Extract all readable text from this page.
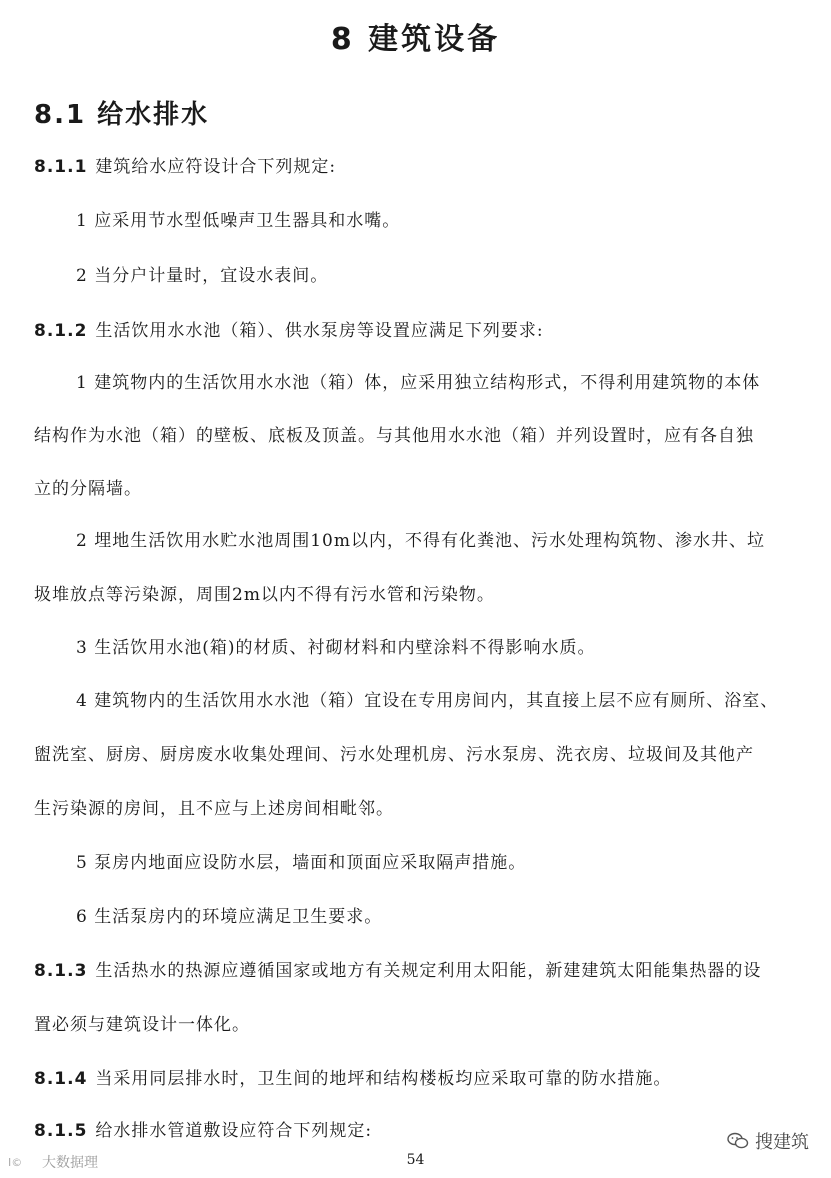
8 建筑设备
8.1 给水排水
8.1.1 建筑给水应符设计合下列规定:
1 应采用节水型低噪声卫生器具和水嘴。
2 当分户计量时，宜设水表间。
8.1.2 生活饮用水水池（箱）、供水泵房等设置应满足下列要求:
1 建筑物内的生活饮用水水池（箱）体，应采用独立结构形式，不得利用建筑物的本体
结构作为水池（箱）的壁板、底板及顶盖。与其他用水水池（箱）并列设置时，应有各自独
立的分隔墙。
2 埋地生活饮用水贮水池周围10m以内，不得有化粪池、污水处理构筑物、渗水井、垃
圾堆放点等污染源，周围2m以内不得有污水管和污染物。
3 生活饮用水池(箱)的材质、衬砌材料和内壁涂料不得影响水质。
4 建筑物内的生活饮用水水池（箱）宜设在专用房间内，其直接上层不应有厕所、浴室、
盥洗室、厨房、厨房废水收集处理间、污水处理机房、污水泵房、洗衣房、垃圾间及其他产
生污染源的房间，且不应与上述房间相毗邻。
5 泵房内地面应设防水层，墙面和顶面应采取隔声措施。
6 生活泵房内的环境应满足卫生要求。
8.1.3 生活热水的热源应遵循国家或地方有关规定利用太阳能，新建建筑太阳能集热器的设
置必须与建筑设计一体化。
8.1.4 当采用同层排水时，卫生间的地坪和结构楼板均应采取可靠的防水措施。
8.1.5 给水排水管道敷设应符合下列规定:
54
搜建筑
I© 大数据理
